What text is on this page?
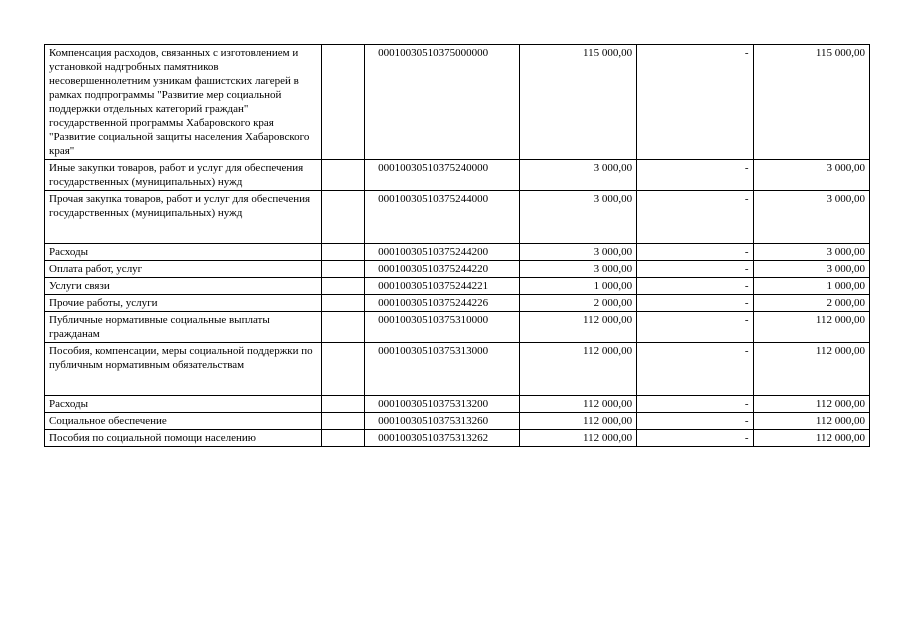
Компенсация расходов, связанных с изготовлением и установкой надгробных памятников несовершеннолетним узникам фашистских лагерей в рамках подпрограммы "Развитие мер социальной поддержки отдельных категорий граждан" государственной программы Хабаровского края "Развитие социальной защиты населения Хабаровского края"		00010030510375000000	115 000,00	-	115 000,00
Иные закупки товаров, работ и услуг для обеспечения государственных (муниципальных) нужд		00010030510375240000	3 000,00	-	3 000,00
Прочая закупка товаров, работ и услуг для обеспечения государственных (муниципальных) нужд		00010030510375244000	3 000,00	-	3 000,00
Расходы		00010030510375244200	3 000,00	-	3 000,00
Оплата работ, услуг		00010030510375244220	3 000,00	-	3 000,00
Услуги связи		00010030510375244221	1 000,00	-	1 000,00
Прочие работы, услуги		00010030510375244226	2 000,00	-	2 000,00
Публичные нормативные социальные выплаты гражданам		00010030510375310000	112 000,00	-	112 000,00
Пособия, компенсации, меры социальной поддержки по публичным нормативным обязательствам		00010030510375313000	112 000,00	-	112 000,00
Расходы		00010030510375313200	112 000,00	-	112 000,00
Социальное обеспечение		00010030510375313260	112 000,00	-	112 000,00
Пособия по социальной помощи населению		00010030510375313262	112 000,00	-	112 000,00
